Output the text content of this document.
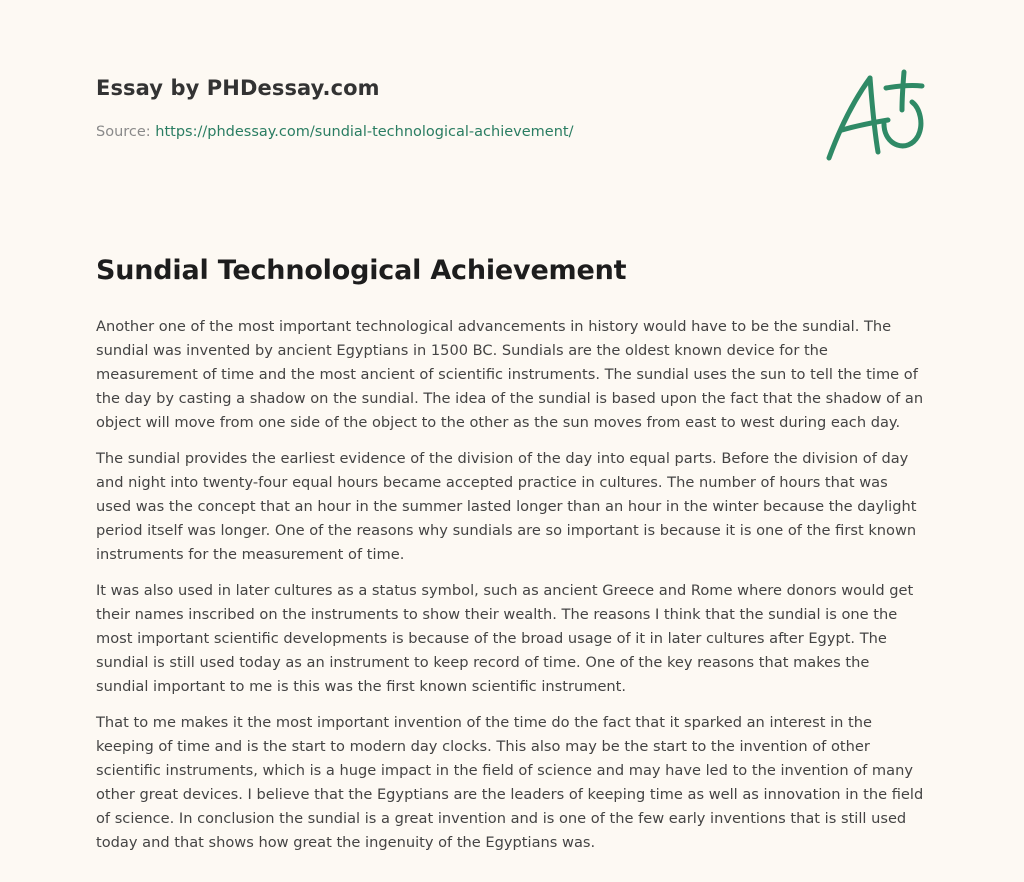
Essay by PHDessay.com
Source: https://phdessay.com/sundial-technological-achievement/
Sundial Technological Achievement

Another one of the most important technological advancements in history would have to be the sundial. The sundial was invented by ancient Egyptians in 1500 BC. Sundials are the oldest known device for the measurement of time and the most ancient of scientific instruments. The sundial uses the sun to tell the time of the day by casting a shadow on the sundial. The idea of the sundial is based upon the fact that the shadow of an object will move from one side of the object to the other as the sun moves from east to west during each day.

The sundial provides the earliest evidence of the division of the day into equal parts. Before the division of day and night into twenty-four equal hours became accepted practice in cultures. The number of hours that was used was the concept that an hour in the summer lasted longer than an hour in the winter because the daylight period itself was longer. One of the reasons why sundials are so important is because it is one of the first known instruments for the measurement of time.

It was also used in later cultures as a status symbol, such as ancient Greece and Rome where donors would get their names inscribed on the instruments to show their wealth. The reasons I think that the sundial is one the most important scientific developments is because of the broad usage of it in later cultures after Egypt. The sundial is still used today as an instrument to keep record of time. One of the key reasons that makes the sundial important to me is this was the first known scientific instrument.

That to me makes it the most important invention of the time do the fact that it sparked an interest in the keeping of time and is the start to modern day clocks. This also may be the start to the invention of other scientific instruments, which is a huge impact in the field of science and may have led to the invention of many other great devices. I believe that the Egyptians are the leaders of keeping time as well as innovation in the field of science. In conclusion the sundial is a great invention and is one of the few early inventions that is still used today and that shows how great the ingenuity of the Egyptians was.
